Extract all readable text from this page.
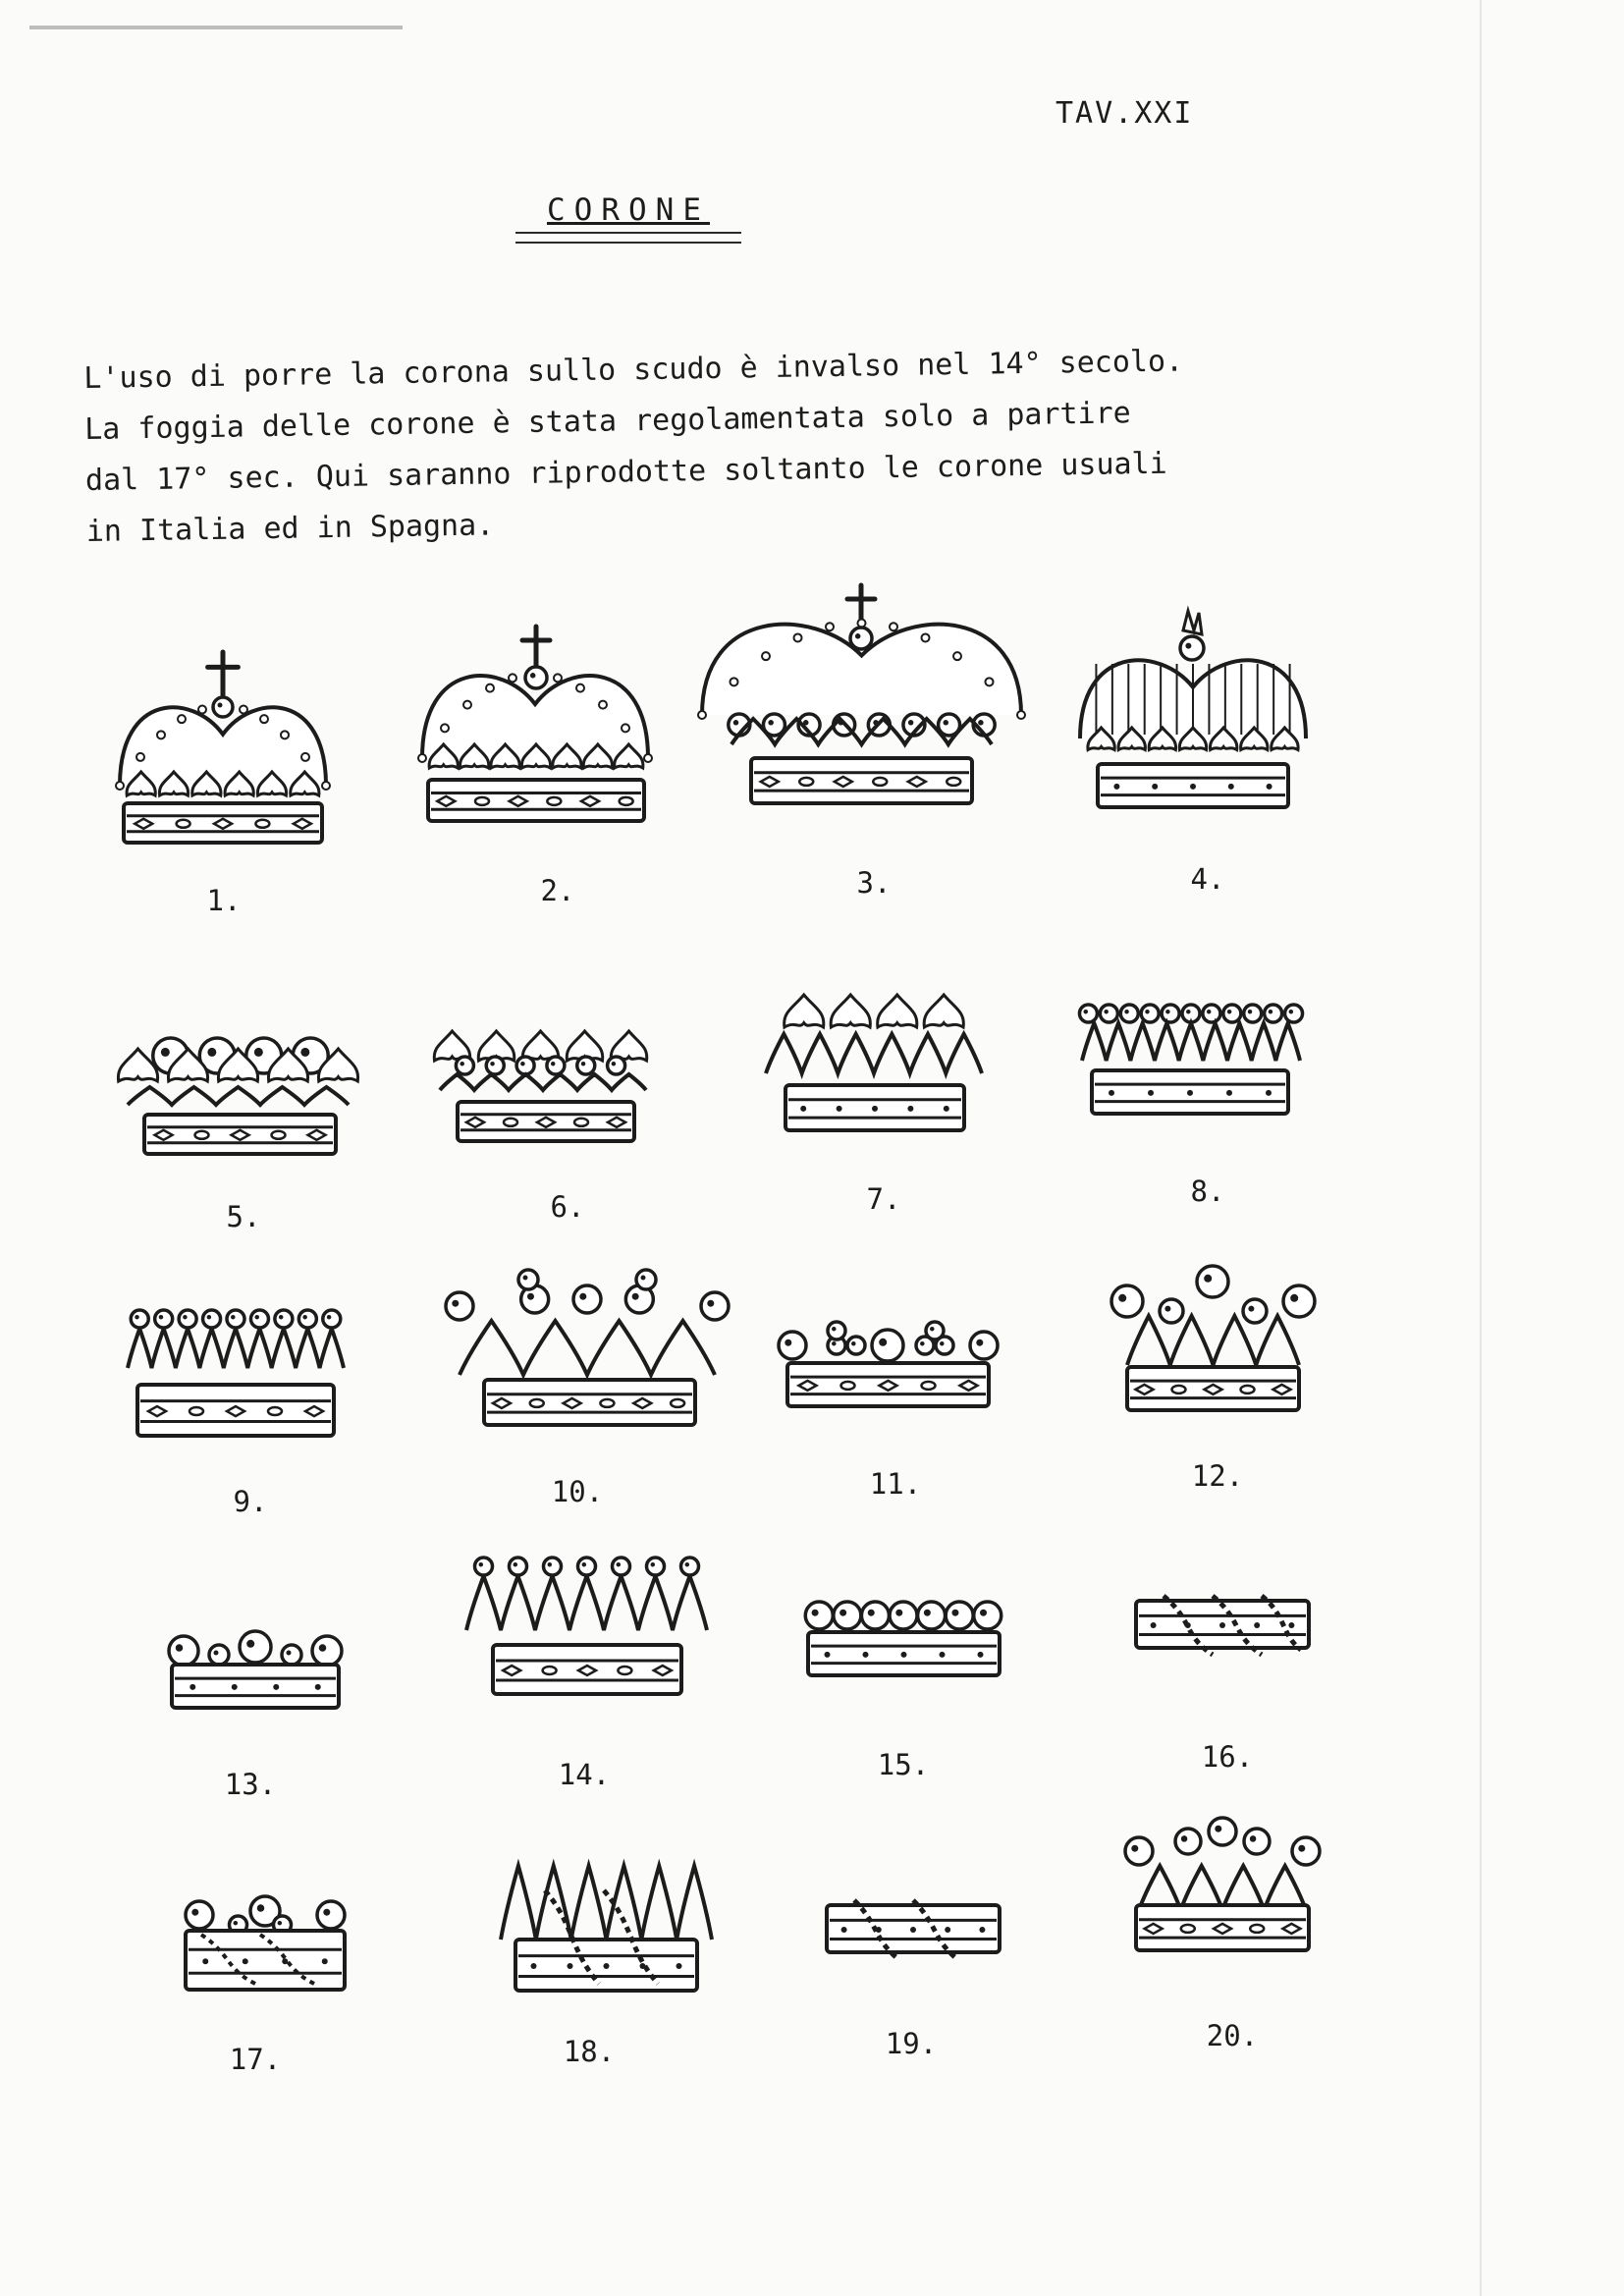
TAV.XXI
CORONE

L'uso di porre la corona sullo scudo è invalso nel 14° secolo.

La foggia delle corone è stata regolamentata solo a partire

dal 17° sec. Qui saranno riprodotte soltanto le corone usuali

in Italia ed in Spagna.

1.	2.	3.	4.
5.	6.	7.	8.
9.	10.	11.	12.
13.	14.	15.	16.
17.	18.	19.	20.
